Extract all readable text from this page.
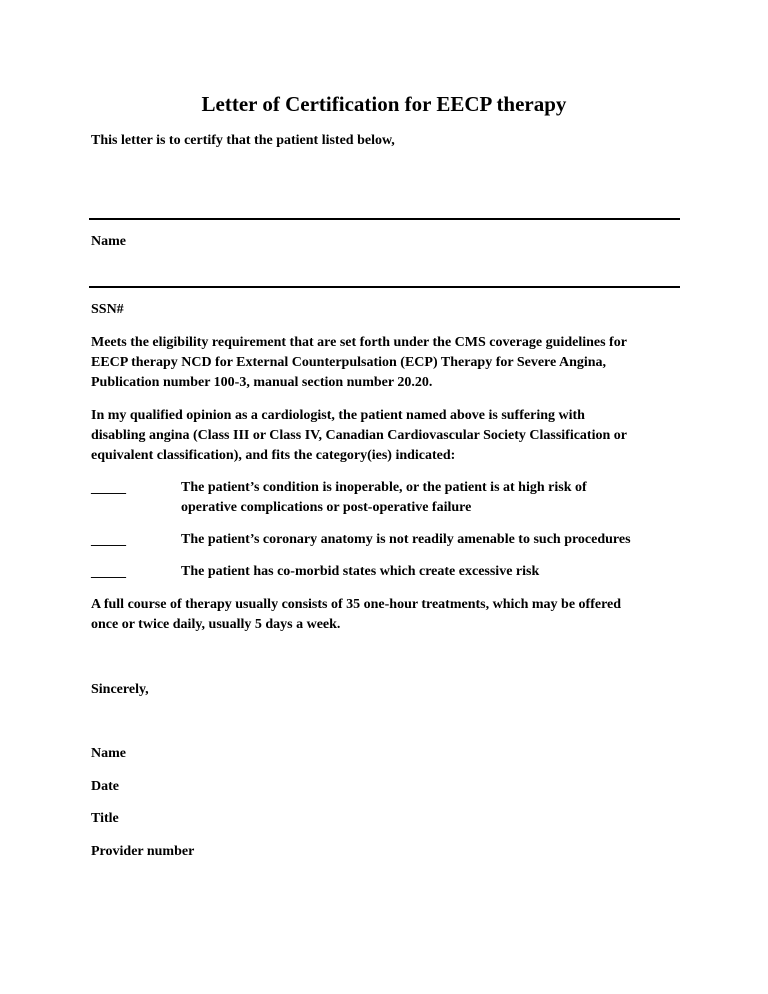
Letter of Certification for EECP therapy
This letter is to certify that the patient listed below,
Name
SSN#
Meets the eligibility requirement that are set forth under the CMS coverage guidelines for
EECP therapy NCD for External Counterpulsation (ECP) Therapy for Severe Angina,
Publication number 100-3, manual section number 20.20.
In my qualified opinion as a cardiologist, the patient named above is suffering with
disabling angina (Class III or Class IV, Canadian Cardiovascular Society Classification or
equivalent classification), and fits the category(ies) indicated:
_____	The patient’s condition is inoperable, or the patient is at high risk of
operative complications or post-operative failure
_____	The patient’s coronary anatomy is not readily amenable to such procedures
_____	The patient has co-morbid states which create excessive risk
A full course of therapy usually consists of 35 one-hour treatments, which may be offered
once or twice daily, usually 5 days a week.
Sincerely,
Name
Date
Title
Provider number
